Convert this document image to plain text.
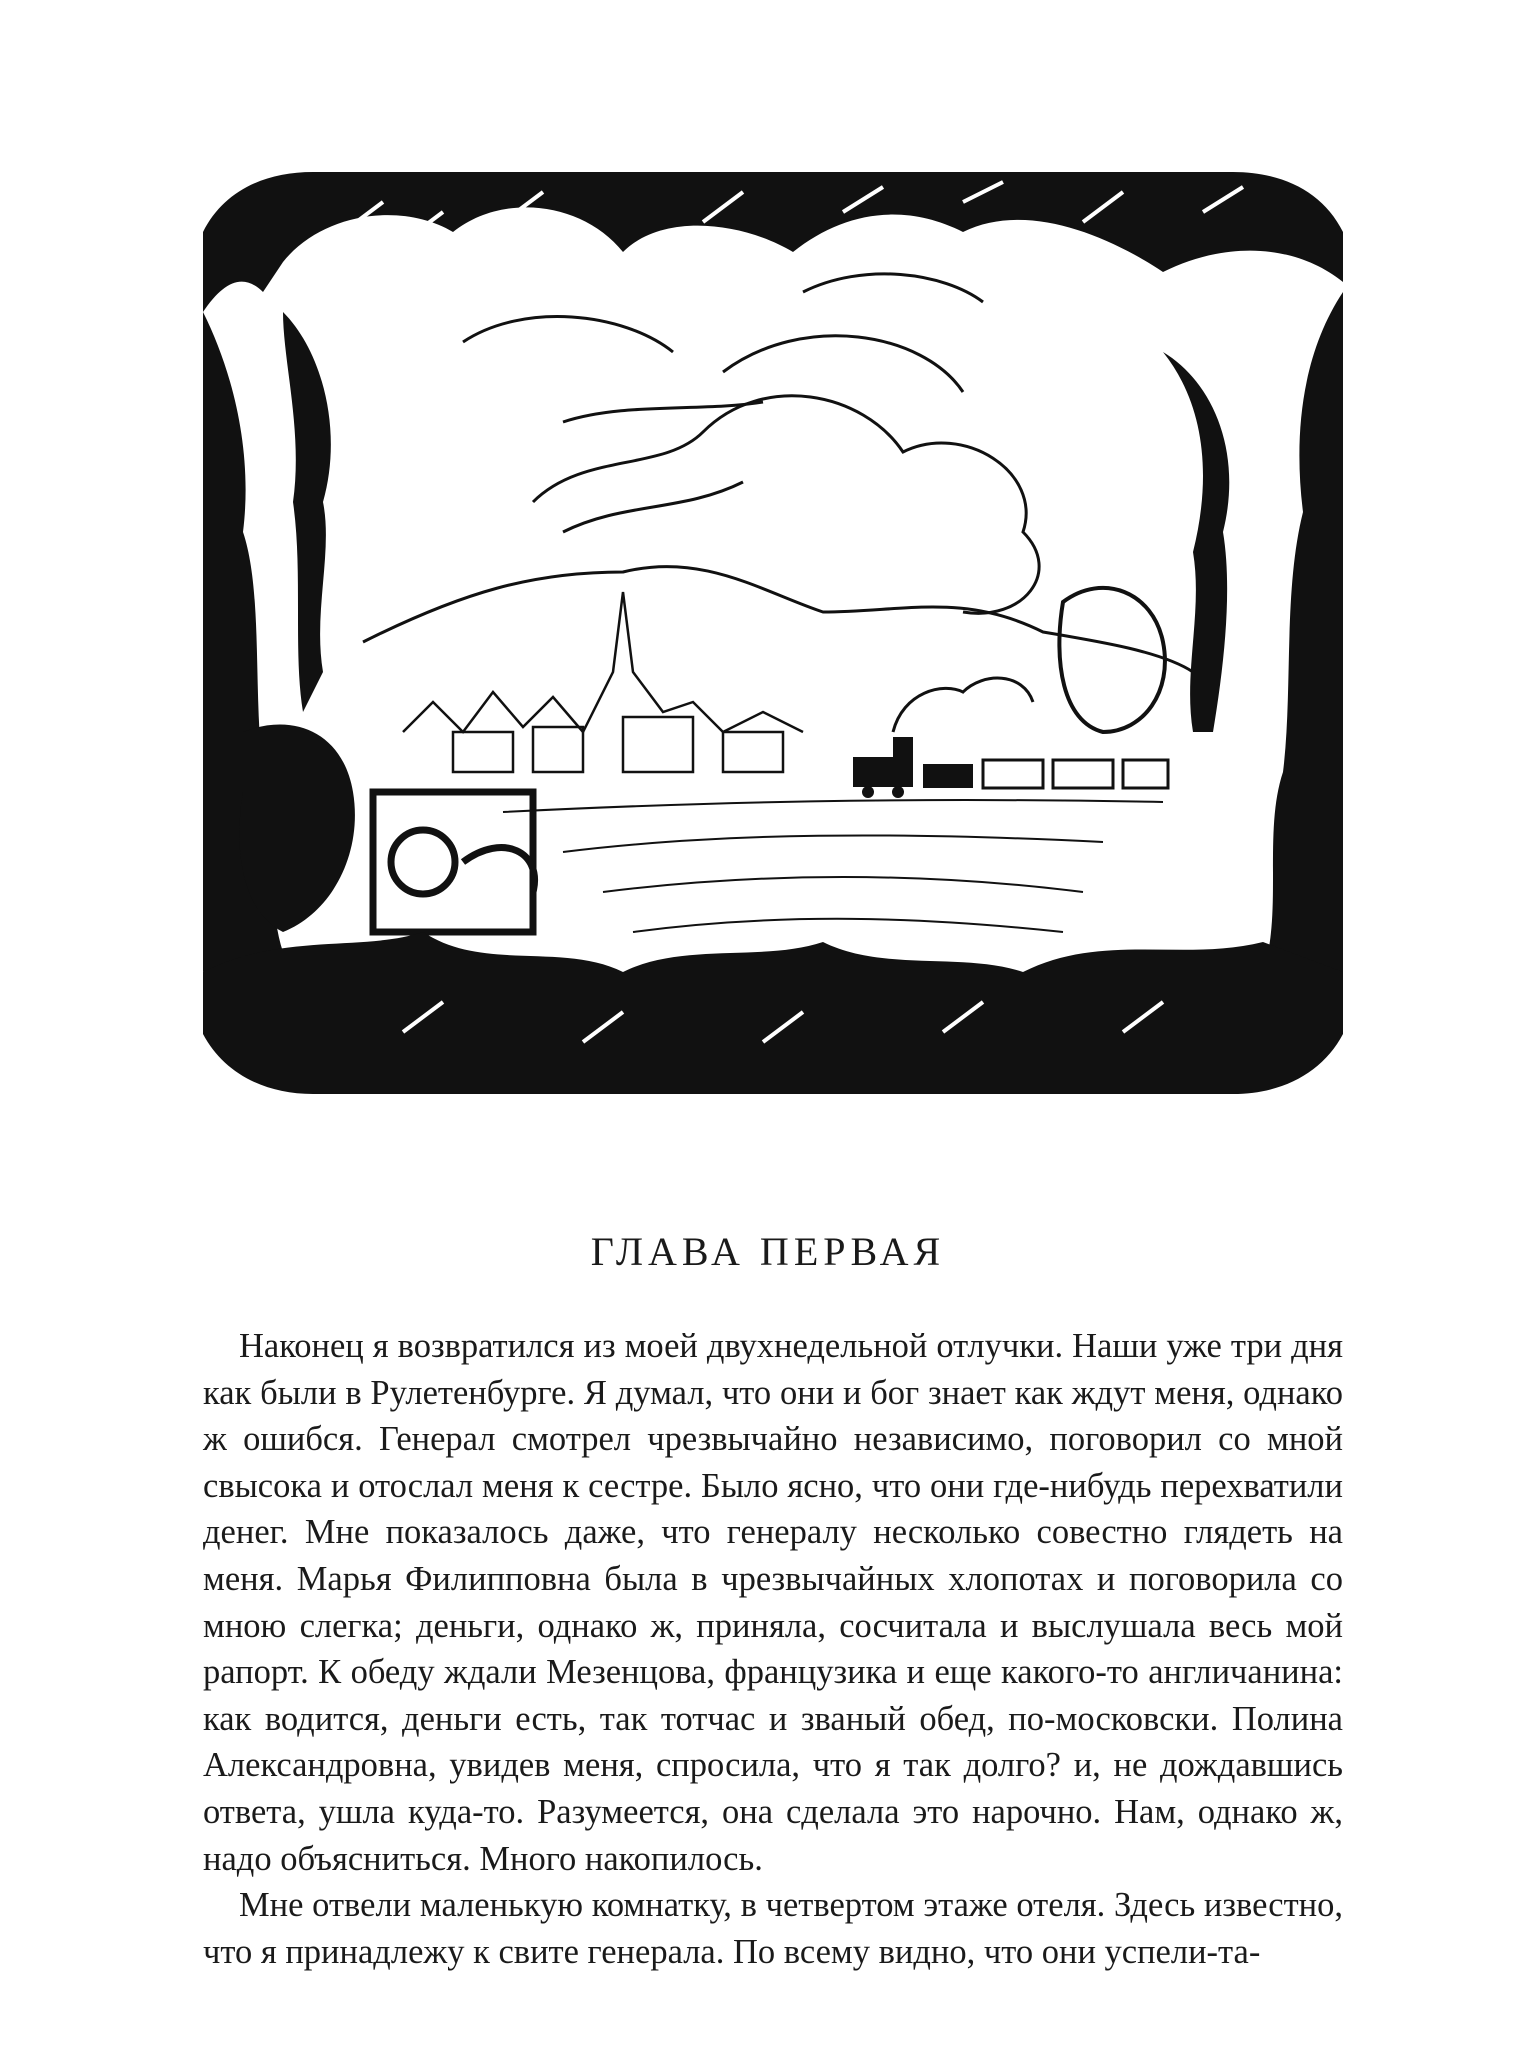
ГЛАВА ПЕРВАЯ

Наконец я возвратился из моей двухнедельной отлучки. Наши уже три дня как были в Рулетенбурге. Я думал, что они и бог знает как ждут меня, однако ж ошибся. Генерал смотрел чрезвычайно независимо, поговорил со мной свысока и отослал меня к сестре. Было ясно, что они где-нибудь перехватили денег. Мне показалось даже, что генералу несколько совестно глядеть на меня. Марья Филипповна была в чрезвычайных хлопотах и поговорила со мною слегка; деньги, однако ж, приняла, сосчитала и выслушала весь мой рапорт. К обеду ждали Мезенцова, французика и еще какого-то англичанина: как водится, деньги есть, так тотчас и званый обед, по-московски. Полина Александровна, увидев меня, спросила, что я так долго? и, не дождавшись ответа, ушла куда-то. Разумеется, она сделала это нарочно. Нам, однако ж, надо объясниться. Много накопилось.

Мне отвели маленькую комнатку, в четвертом этаже отеля. Здесь известно, что я принадлежу к свите генерала. По всему видно, что они успели-та-
